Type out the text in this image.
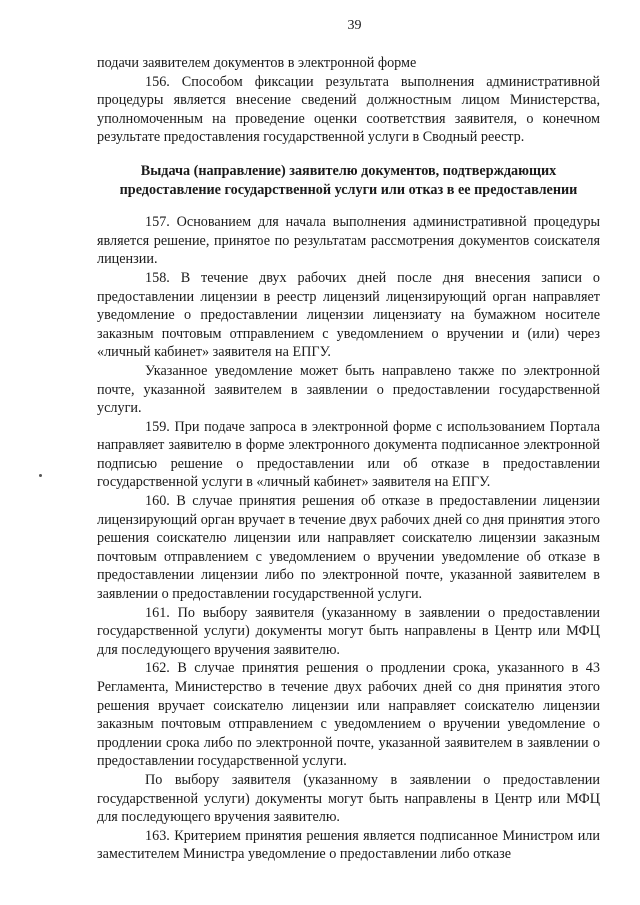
39

подачи заявителем документов в электронной форме

156. Способом фиксации результата выполнения административной процедуры является внесение сведений должностным лицом Министерства, уполномоченным на проведение оценки соответствия заявителя, о конечном результате предоставления государственной услуги в Сводный реестр.

Выдача (направление) заявителю документов, подтверждающих предоставление государственной услуги или отказ в ее предоставлении

157. Основанием для начала выполнения административной процедуры является решение, принятое по результатам рассмотрения документов соискателя лицензии.

158. В течение двух рабочих дней после дня внесения записи о предоставлении лицензии в реестр лицензий лицензирующий орган направляет уведомление о предоставлении лицензии лицензиату на бумажном носителе заказным почтовым отправлением с уведомлением о вручении и (или) через «личный кабинет» заявителя на ЕПГУ.

Указанное уведомление может быть направлено также по электронной почте, указанной заявителем в заявлении о предоставлении государственной услуги.

159. При подаче запроса в электронной форме с использованием Портала направляет заявителю в форме электронного документа подписанное электронной подписью решение о предоставлении или об отказе в предоставлении государственной услуги в «личный кабинет» заявителя на ЕПГУ.

160. В случае принятия решения об отказе в предоставлении лицензии лицензирующий орган вручает в течение двух рабочих дней со дня принятия этого решения соискателю лицензии или направляет соискателю лицензии заказным почтовым отправлением с уведомлением о вручении уведомление об отказе в предоставлении лицензии либо по электронной почте, указанной заявителем в заявлении о предоставлении государственной услуги.

161. По выбору заявителя (указанному в заявлении о предоставлении государственной услуги) документы могут быть направлены в Центр или МФЦ для последующего вручения заявителю.

162. В случае принятия решения о продлении срока, указанного в 43 Регламента, Министерство в течение двух рабочих дней со дня принятия этого решения вручает соискателю лицензии или направляет соискателю лицензии заказным почтовым отправлением с уведомлением о вручении уведомление о продлении срока либо по электронной почте, указанной заявителем в заявлении о предоставлении государственной услуги.

По выбору заявителя (указанному в заявлении о предоставлении государственной услуги) документы могут быть направлены в Центр или МФЦ для последующего вручения заявителю.

163. Критерием принятия решения является подписанное Министром или заместителем Министра уведомление о предоставлении либо отказе
